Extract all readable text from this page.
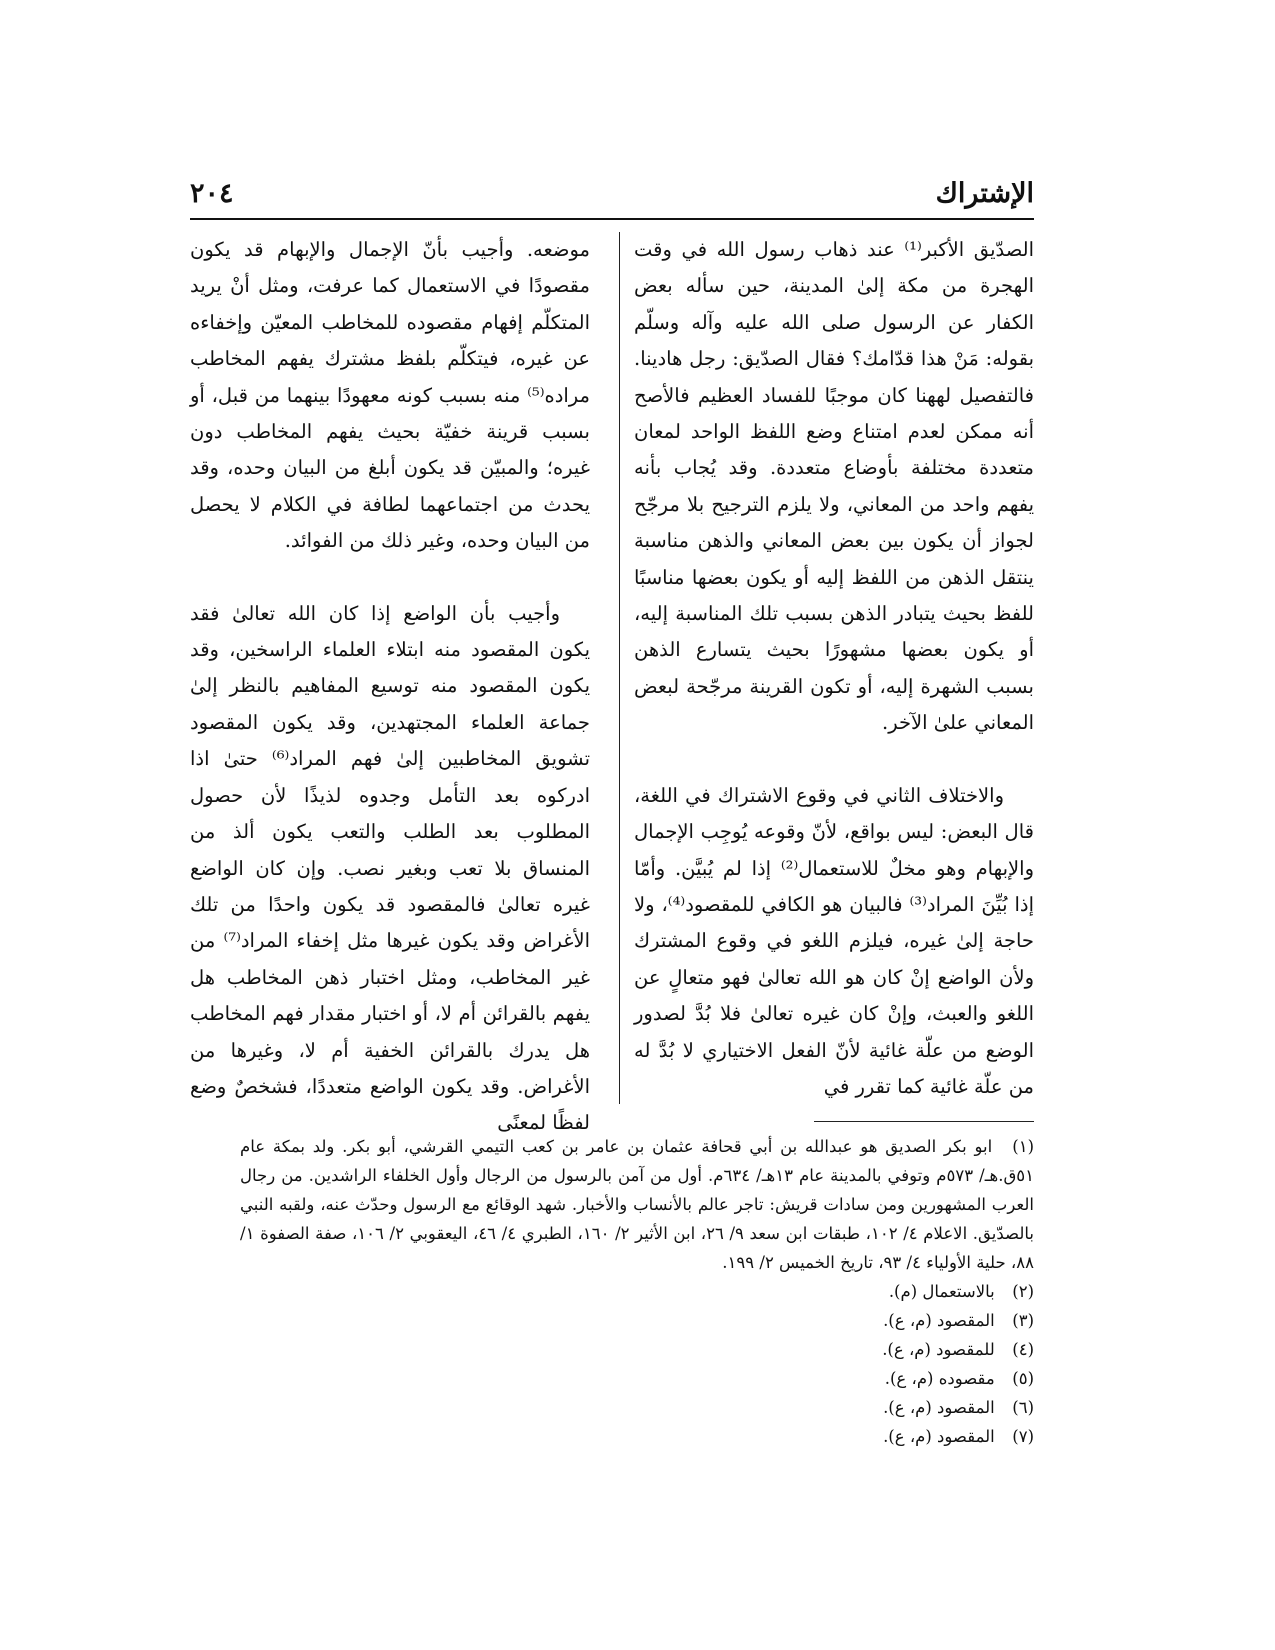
الإشتراك
٢٠٤

الصدّيق الأكبر⁽¹⁾ عند ذهاب رسول الله في وقت الهجرة من مكة إلىٰ المدينة، حين سأله بعض الكفار عن الرسول صلى الله عليه وآله وسلّم بقوله: مَنْ هذا قدّامك؟ فقال الصدّيق: رجل هادينا. فالتفصيل لههنا كان موجبًا للفساد العظيم فالأصح أنه ممكن لعدم امتناع وضع اللفظ الواحد لمعان متعددة مختلفة بأوضاع متعددة. وقد يُجاب بأنه يفهم واحد من المعاني، ولا يلزم الترجيح بلا مرجّح لجواز أن يكون بين بعض المعاني والذهن مناسبة ينتقل الذهن من اللفظ إليه أو يكون بعضها مناسبًا للفظ بحيث يتبادر الذهن بسبب تلك المناسبة إليه، أو يكون بعضها مشهورًا بحيث يتسارع الذهن بسبب الشهرة إليه، أو تكون القرينة مرجّحة لبعض المعاني علىٰ الآخر.

والاختلاف الثاني في وقوع الاشتراك في اللغة، قال البعض: ليس بواقع، لأنّ وقوعه يُوجِب الإجمال والإبهام وهو مخلٌ للاستعمال⁽²⁾ إذا لم يُبيَّن. وأمّا إذا بُيِّنَ المراد⁽³⁾ فالبيان هو الكافي للمقصود⁽⁴⁾، ولا حاجة إلىٰ غيره، فيلزم اللغو في وقوع المشترك ولأن الواضع إنْ كان هو الله تعالىٰ فهو متعالٍ عن اللغو والعبث، وإنْ كان غيره تعالىٰ فلا بُدَّ لصدور الوضع من علّة غائية لأنّ الفعل الاختياري لا بُدَّ له من علّة غائية كما تقرر في

موضعه. وأجيب بأنّ الإجمال والإبهام قد يكون مقصودًا في الاستعمال كما عرفت، ومثل أنْ يريد المتكلّم إفهام مقصوده للمخاطب المعيّن وإخفاءه عن غيره، فيتكلّم بلفظ مشترك يفهم المخاطب مراده⁽⁵⁾ منه بسبب كونه معهودًا بينهما من قبل، أو بسبب قرينة خفيّة بحيث يفهم المخاطب دون غيره؛ والمبيّن قد يكون أبلغ من البيان وحده، وقد يحدث من اجتماعهما لطافة في الكلام لا يحصل من البيان وحده، وغير ذلك من الفوائد.

وأجيب بأن الواضع إذا كان الله تعالىٰ فقد يكون المقصود منه ابتلاء العلماء الراسخين، وقد يكون المقصود منه توسيع المفاهيم بالنظر إلىٰ جماعة العلماء المجتهدين، وقد يكون المقصود تشويق المخاطبين إلىٰ فهم المراد⁽⁶⁾ حتىٰ اذا ادركوه بعد التأمل وجدوه لذيذًا لأن حصول المطلوب بعد الطلب والتعب يكون ألذ من المنساق بلا تعب وبغير نصب. وإن كان الواضع غيره تعالىٰ فالمقصود قد يكون واحدًا من تلك الأغراض وقد يكون غيرها مثل إخفاء المراد⁽⁷⁾ من غير المخاطب، ومثل اختبار ذهن المخاطب هل يفهم بالقرائن أم لا، أو اختبار مقدار فهم المخاطب هل يدرك بالقرائن الخفية أم لا، وغيرها من الأغراض. وقد يكون الواضع متعددًا، فشخصٌ وضع لفظًا لمعنًى

(١) ابو بكر الصديق هو عبدالله بن أبي قحافة عثمان بن عامر بن كعب التيمي القرشي، أبو بكر. ولد بمكة عام ٥١ق.هـ/ ٥٧٣م وتوفي بالمدينة عام ١٣هـ/ ٦٣٤م. أول من آمن بالرسول من الرجال وأول الخلفاء الراشدين. من رجال العرب المشهورين ومن سادات قريش: تاجر عالم بالأنساب والأخبار. شهد الوقائع مع الرسول وحدّث عنه، ولقبه النبي بالصدّيق. الاعلام ٤/ ١٠٢، طبقات ابن سعد ٩/ ٢٦، ابن الأثير ٢/ ١٦٠، الطبري ٤/ ٤٦، اليعقوبي ٢/ ١٠٦، صفة الصفوة ١/ ٨٨، حلية الأولياء ٤/ ٩٣، تاريخ الخميس ٢/ ١٩٩.

(٢) بالاستعمال (م).

(٣) المقصود (م، ع).

(٤) للمقصود (م، ع).

(٥) مقصوده (م، ع).

(٦) المقصود (م، ع).

(٧) المقصود (م، ع).
